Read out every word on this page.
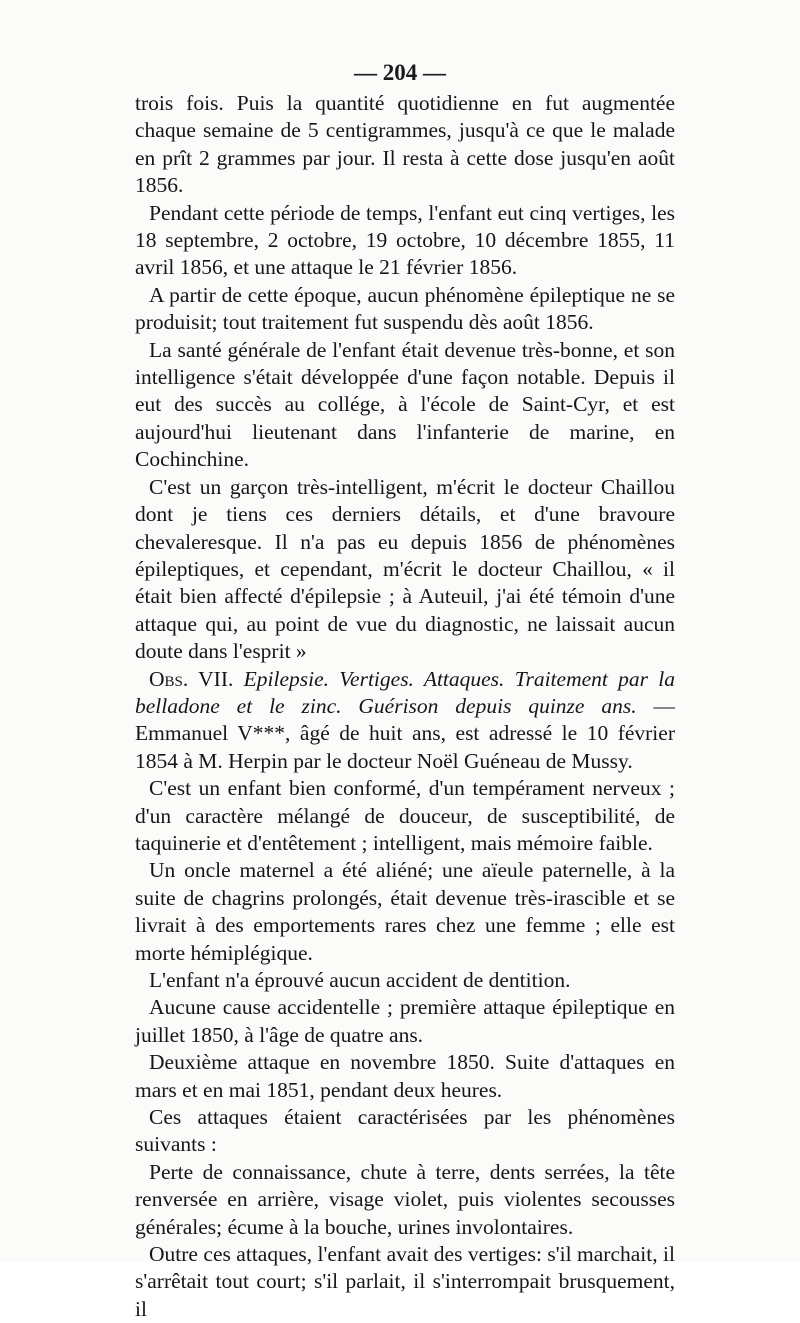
— 204 —

trois fois. Puis la quantité quotidienne en fut augmentée chaque semaine de 5 centigrammes, jusqu'à ce que le malade en prît 2 grammes par jour. Il resta à cette dose jusqu'en août 1856.

Pendant cette période de temps, l'enfant eut cinq vertiges, les 18 septembre, 2 octobre, 19 octobre, 10 décembre 1855, 11 avril 1856, et une attaque le 21 février 1856.

A partir de cette époque, aucun phénomène épileptique ne se produisit; tout traitement fut suspendu dès août 1856.

La santé générale de l'enfant était devenue très-bonne, et son intelligence s'était développée d'une façon notable. Depuis il eut des succès au collége, à l'école de Saint-Cyr, et est aujourd'hui lieutenant dans l'infanterie de marine, en Cochinchine.

C'est un garçon très-intelligent, m'écrit le docteur Chaillou dont je tiens ces derniers détails, et d'une bravoure chevaleresque. Il n'a pas eu depuis 1856 de phénomènes épileptiques, et cependant, m'écrit le docteur Chaillou, « il était bien affecté d'épilepsie ; à Auteuil, j'ai été témoin d'une attaque qui, au point de vue du diagnostic, ne laissait aucun doute dans l'esprit »

Obs. VII. Epilepsie. Vertiges. Attaques. Traitement par la belladone et le zinc. Guérison depuis quinze ans. — Emmanuel V***, âgé de huit ans, est adressé le 10 février 1854 à M. Herpin par le docteur Noël Guéneau de Mussy.

C'est un enfant bien conformé, d'un tempérament nerveux ; d'un caractère mélangé de douceur, de susceptibilité, de taquinerie et d'entêtement ; intelligent, mais mémoire faible.

Un oncle maternel a été aliéné; une aïeule paternelle, à la suite de chagrins prolongés, était devenue très-irascible et se livrait à des emportements rares chez une femme ; elle est morte hémiplégique.

L'enfant n'a éprouvé aucun accident de dentition.

Aucune cause accidentelle ; première attaque épileptique en juillet 1850, à l'âge de quatre ans.

Deuxième attaque en novembre 1850. Suite d'attaques en mars et en mai 1851, pendant deux heures.

Ces attaques étaient caractérisées par les phénomènes suivants :

Perte de connaissance, chute à terre, dents serrées, la tête renversée en arrière, visage violet, puis violentes secousses générales; écume à la bouche, urines involontaires.

Outre ces attaques, l'enfant avait des vertiges: s'il marchait, il s'arrêtait tout court; s'il parlait, il s'interrompait brusquement, il
